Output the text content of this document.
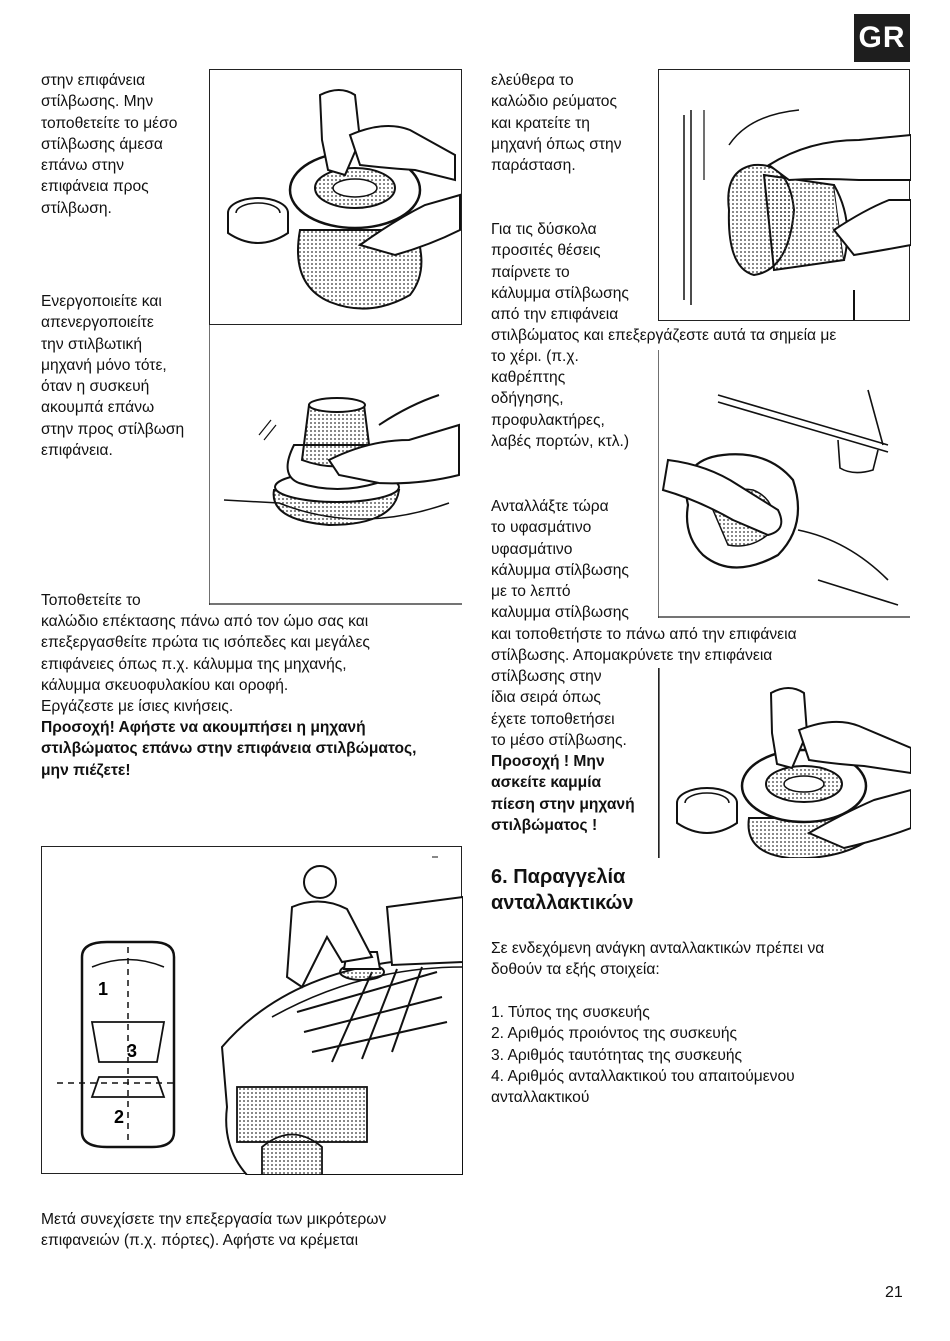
GR

στην επιφάνεια
στίλβωσης. Μην
τοποθετείτε το μέσο
στίλβωσης άμεσα
επάνω στην
επιφάνεια προς
στίλβωση.

Ενεργοποιείτε και
απενεργοποιείτε
την στιλβωτική
μηχανή μόνο τότε,
όταν η συσκευή
ακουμπά επάνω
στην προς στίλβωση
επιφάνεια.

Τοποθετείτε το

καλώδιο επέκτασης πάνω από τον ώμο σας και
επεξεργασθείτε πρώτα τις ισόπεδες και μεγάλες
επιφάνειες όπως π.χ. κάλυμμα της μηχανής,
κάλυμμα σκευοφυλακίου και οροφή.
Εργάζεστε με ίσιες κινήσεις.

Προσοχή! Αφήστε να ακουμπήσει η μηχανή
στιλβώματος επάνω στην επιφάνεια στιλβώματος,
μην πιέζετε!

Μετά συνεχίσετε την επεξεργασία των μικρότερων
επιφανειών (π.χ. πόρτες). Αφήστε να κρέμεται

1
3
2

ελεύθερα το
καλώδιο ρεύματος
και κρατείτε τη
μηχανή όπως στην
παράσταση.

Για τις δύσκολα
προσιτές θέσεις
παίρνετε το
κάλυμμα στίλβωσης
από την επιφάνεια

στιλβώματος και επεξεργάζεστε αυτά τα σημεία με
το χέρι. (π.χ.

καθρέπτης
οδήγησης,
προφυλακτήρες,
λαβές πορτών, κτλ.)

Ανταλλάξτε τώρα
το υφασμάτινο
υφασμάτινο
κάλυμμα στίλβωσης
με το λεπτό
καλυμμα στίλβωσης

και τοποθετήστε το πάνω από την επιφάνεια
στίλβωσης. Απομακρύνετε την επιφάνεια

στίλβωσης στην
ίδια σειρά όπως
έχετε τοποθετήσει
το μέσο στίλβωσης.

Προσοχή ! Μην
ασκείτε καμμία
πίεση στην μηχανή
στιλβώματος !

6. Παραγγελία
ανταλλακτικών

Σε ενδεχόμενη ανάγκη ανταλλακτικών πρέπει να
δοθούν τα εξής στοιχεία:

1. Τύπος της συσκευής
2. Αριθμός προιόντος της συσκευής
3. Αριθμός ταυτότητας της συσκευής
4. Αριθμός ανταλλακτικού του απαιτούμενου
ανταλλακτικού
21
